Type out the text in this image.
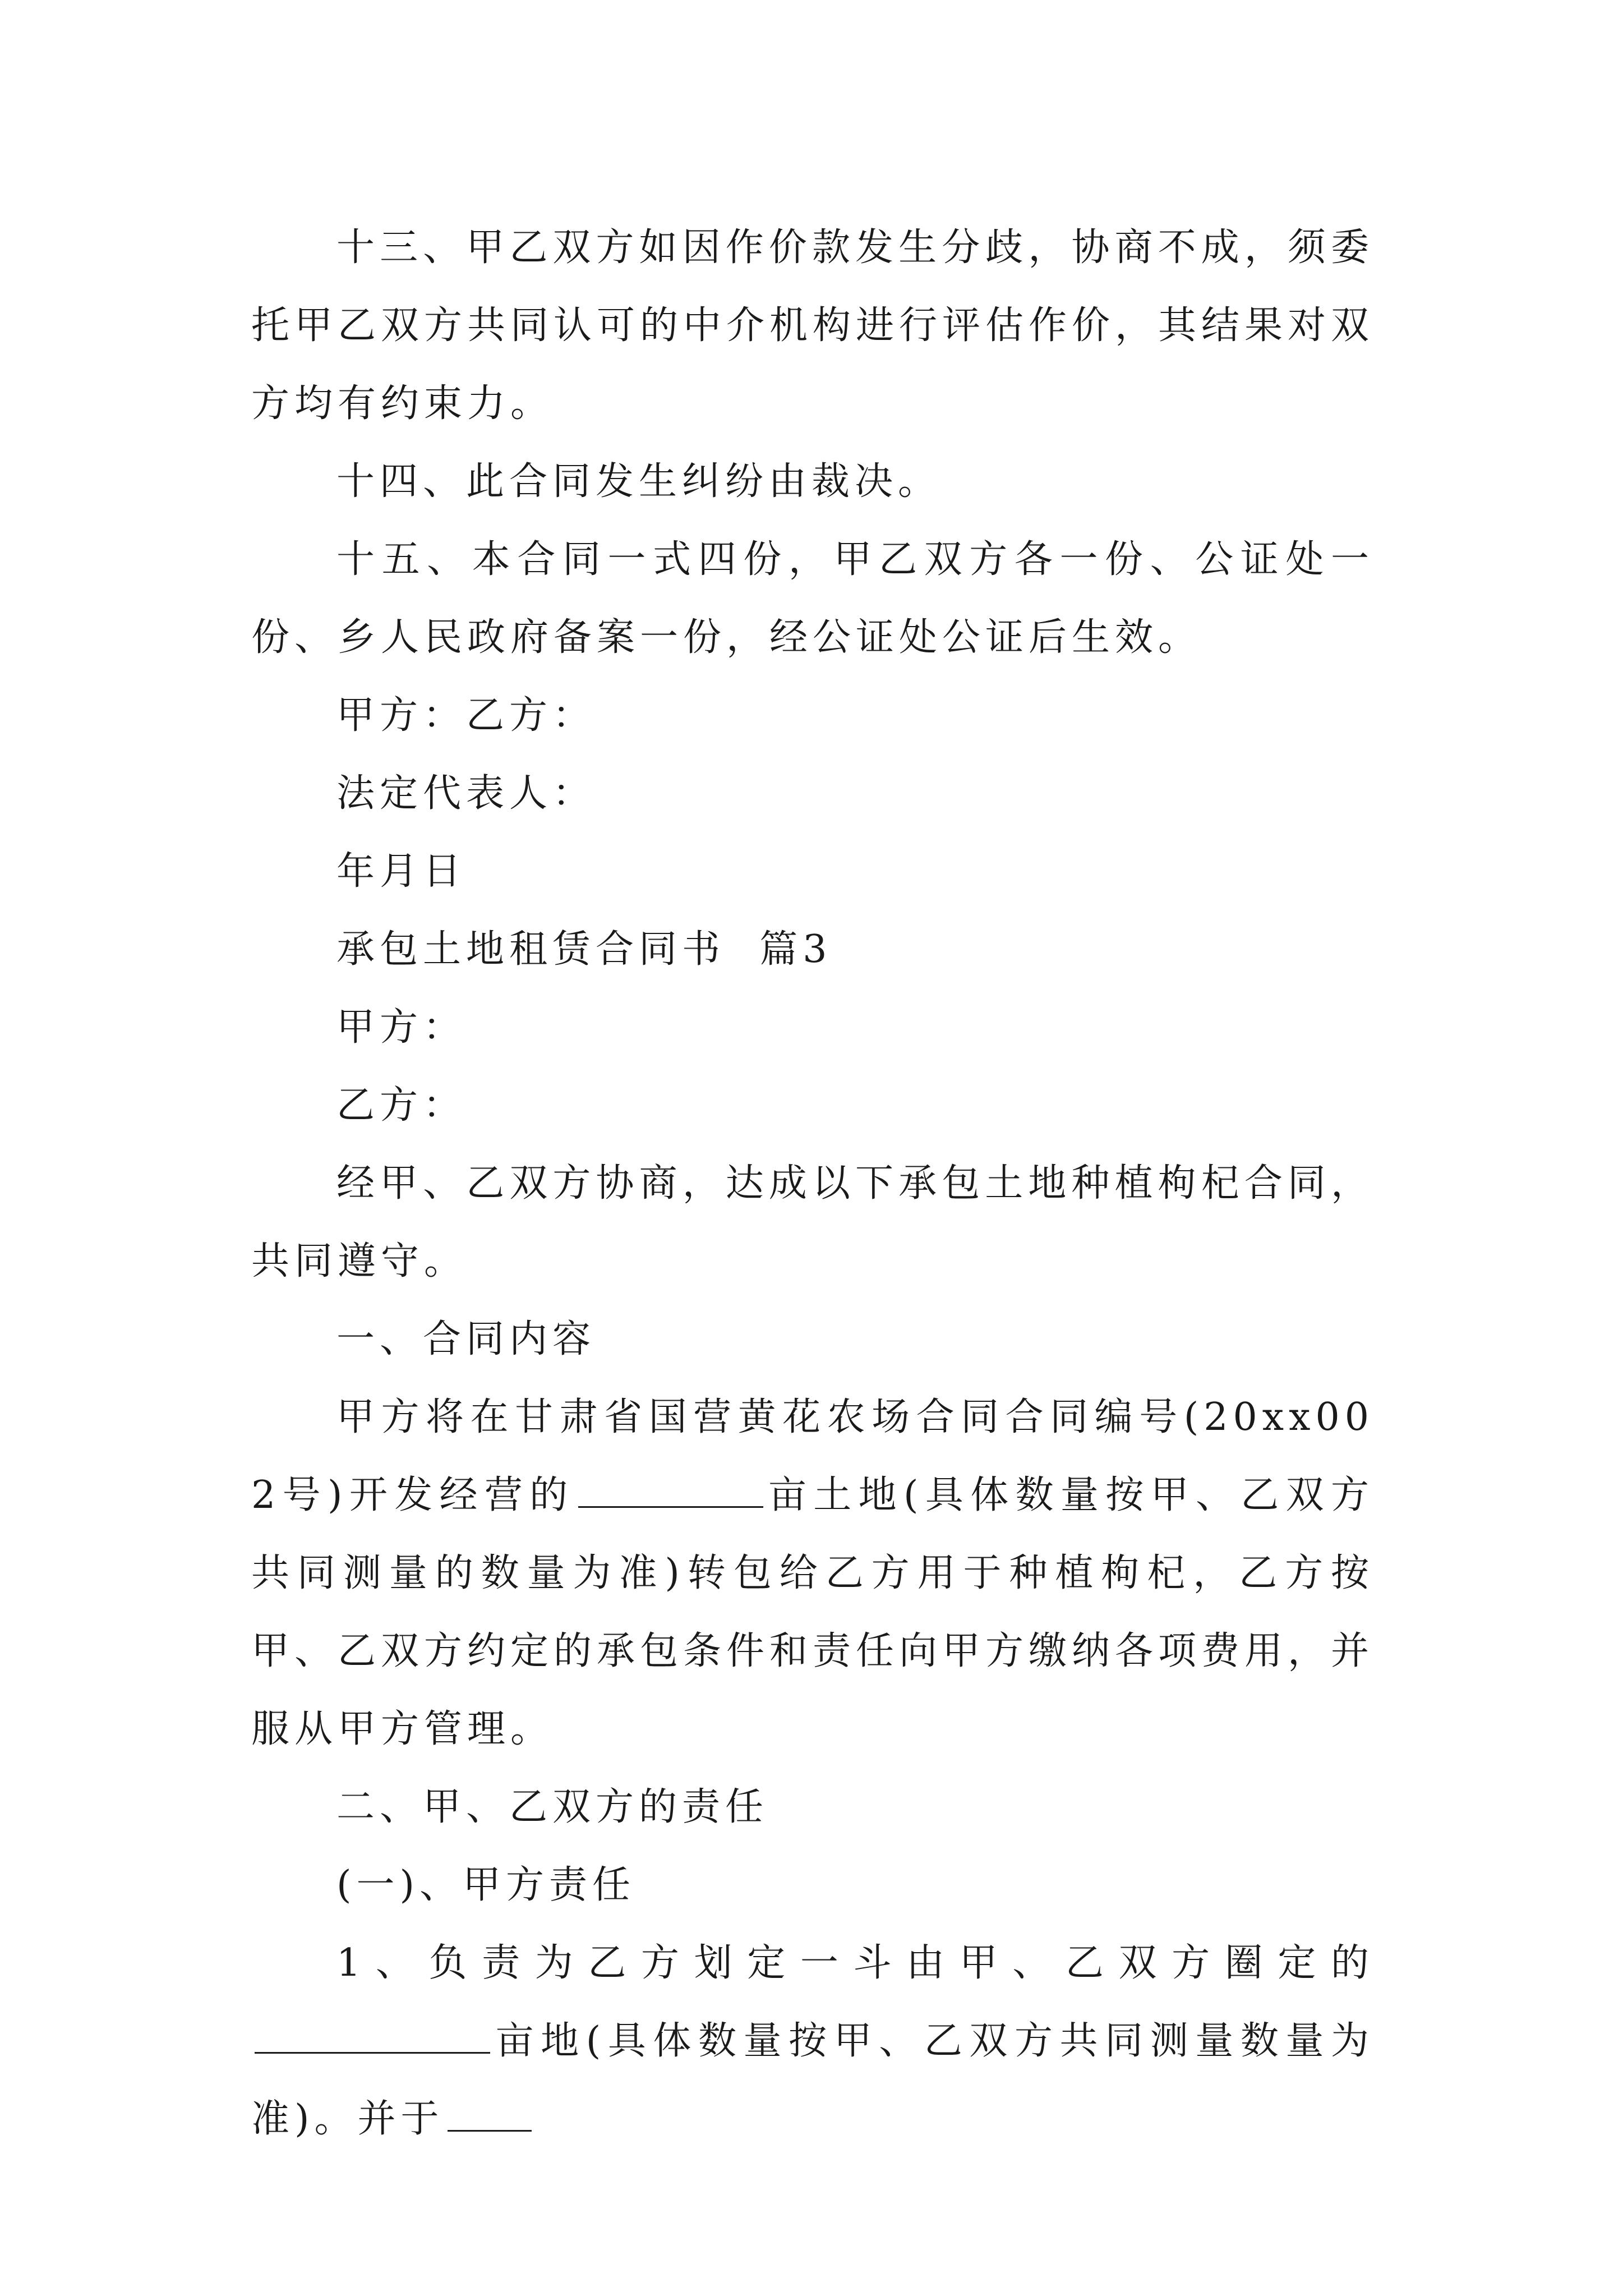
十三、甲乙双方如因作价款发生分歧，协商不成，须委托甲乙双方共同认可的中介机构进行评估作价，其结果对双方均有约束力。

十四、此合同发生纠纷由裁决。

十五、本合同一式四份，甲乙双方各一份、公证处一份、乡人民政府备案一份，经公证处公证后生效。

甲方：乙方：

法定代表人：

年月日

承包土地租赁合同书  篇3

甲方：

乙方：

经甲、乙双方协商，达成以下承包土地种植枸杞合同，共同遵守。

一、合同内容

甲方将在甘肃省国营黄花农场合同合同编号(20xx002号)开发经营的	亩土地(具体数量按甲、乙双方共同测量的数量为准)转包给乙方用于种植枸杞，乙方按甲、乙双方约定的承包条件和责任向甲方缴纳各项费用，并服从甲方管理。

二、甲、乙双方的责任

(一)、甲方责任

1、负责为乙方划定一斗由甲、乙双方圈定的亩地(具体数量按甲、乙双方共同测量数量为准)。并于
